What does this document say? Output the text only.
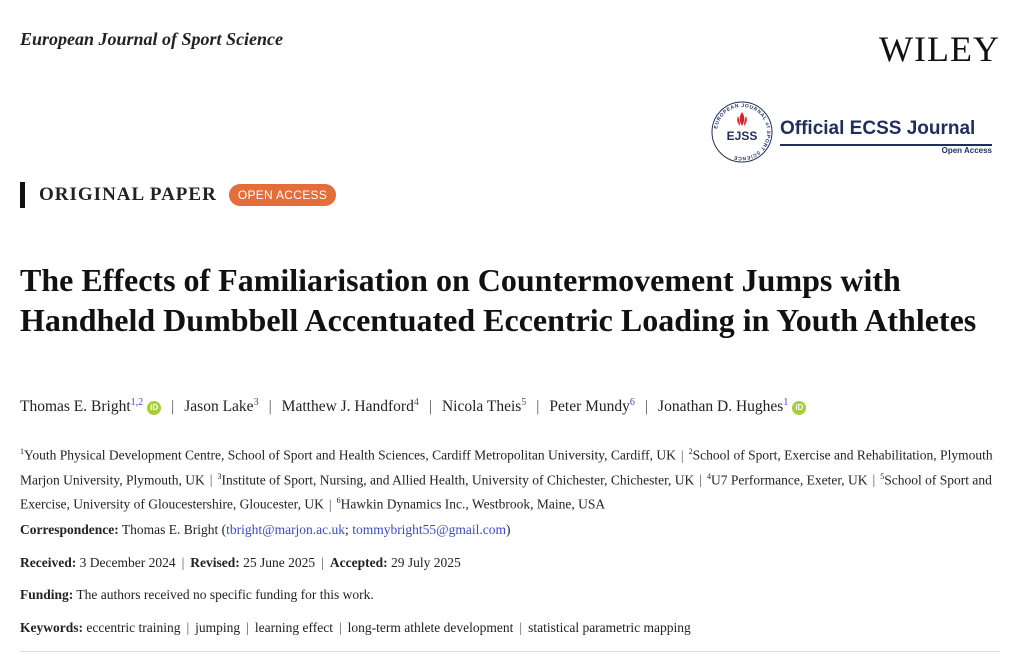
European Journal of Sport Science	WILEY
EUROPEAN JOURNAL of SPORT SCIENCE
EJSS Official ECSS Journal
Open Access
ORIGINAL PAPER	OPEN ACCESS
The Effects of Familiarisation on Countermovement Jumps with Handheld Dumbbell Accentuated Eccentric Loading in Youth Athletes
Thomas E. Bright$^{1,2}$ iD | Jason Lake$^3$ | Matthew J. Handford$^4$ | Nicola Theis$^5$ | Peter Mundy$^6$ | Jonathan D. Hughes$^1$ iD
$^1$Youth Physical Development Centre, School of Sport and Health Sciences, Cardiff Metropolitan University, Cardiff, UK | $^2$School of Sport, Exercise and Rehabilitation, Plymouth Marjon University, Plymouth, UK | $^3$Institute of Sport, Nursing, and Allied Health, University of Chichester, Chichester, UK | $^4$U7 Performance, Exeter, UK | $^5$School of Sport and Exercise, University of Gloucestershire, Gloucester, UK | $^6$Hawkin Dynamics Inc., Westbrook, Maine, USA
Correspondence: Thomas E. Bright (tbright@marjon.ac.uk; tommybright55@gmail.com)
Received: 3 December 2024 | Revised: 25 June 2025 | Accepted: 29 July 2025
Funding: The authors received no specific funding for this work.
Keywords: eccentric training | jumping | learning effect | long-term athlete development | statistical parametric mapping
